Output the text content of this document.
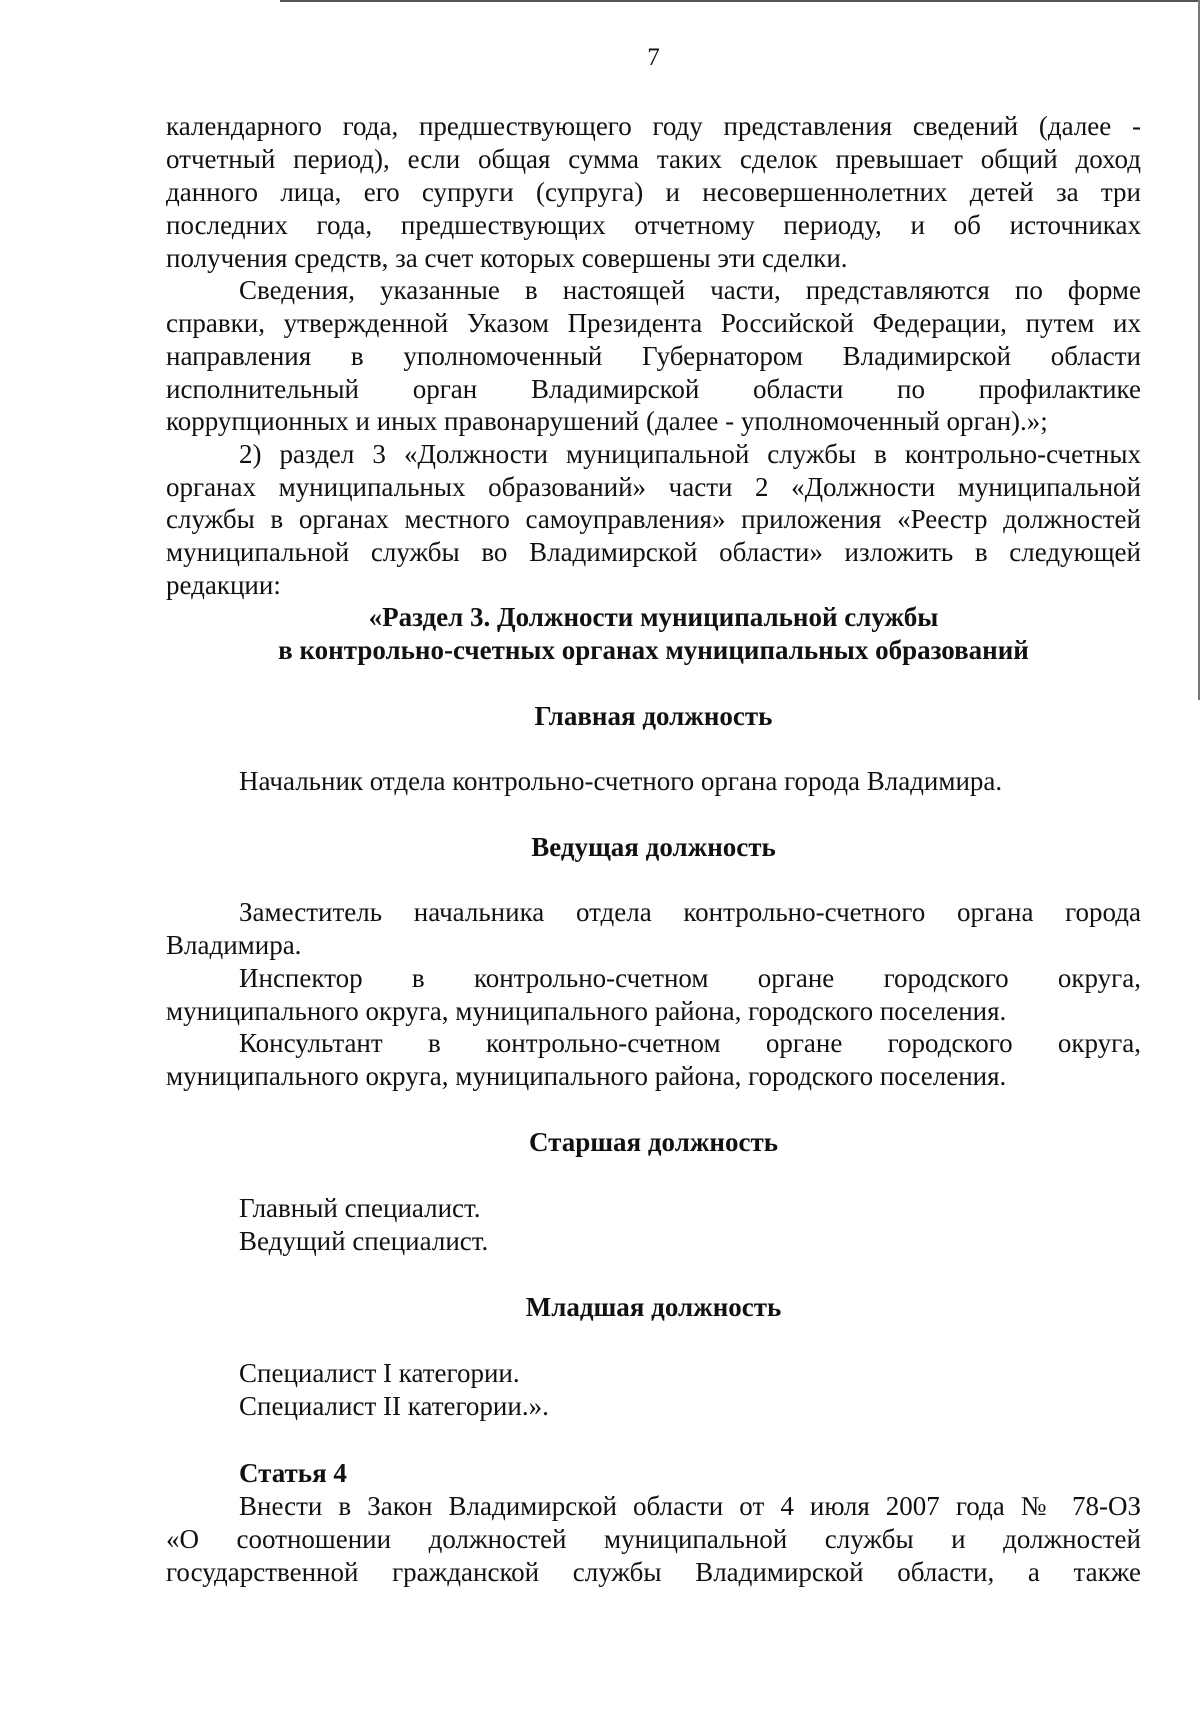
7
календарного года, предшествующего году представления сведений (далее -
отчетный период), если общая сумма таких сделок превышает общий доход
данного лица, его супруги (супруга) и несовершеннолетних детей за три
последних года, предшествующих отчетному периоду, и об источниках
получения средств, за счет которых совершены эти сделки.
Сведения, указанные в настоящей части, представляются по форме
справки, утвержденной Указом Президента Российской Федерации, путем их
направления в уполномоченный Губернатором Владимирской области
исполнительный орган Владимирской области по профилактике
коррупционных и иных правонарушений (далее - уполномоченный орган).»;
2) раздел 3 «Должности муниципальной службы в контрольно-счетных
органах муниципальных образований» части 2 «Должности муниципальной
службы в органах местного самоуправления» приложения «Реестр должностей
муниципальной службы во Владимирской области» изложить в следующей
редакции:
«Раздел 3. Должности муниципальной службы
в контрольно-счетных органах муниципальных образований
Главная должность
Начальник отдела контрольно-счетного органа города Владимира.
Ведущая должность
Заместитель начальника отдела контрольно-счетного органа города
Владимира.
Инспектор в контрольно-счетном органе городского округа,
муниципального округа, муниципального района, городского поселения.
Консультант в контрольно-счетном органе городского округа,
муниципального округа, муниципального района, городского поселения.
Старшая должность
Главный специалист.
Ведущий специалист.
Младшая должность
Специалист I категории.
Специалист II категории.».
Статья 4
Внести в Закон Владимирской области от 4 июля 2007 года № 78-ОЗ
«О соотношении должностей муниципальной службы и должностей
государственной гражданской службы Владимирской области, а также
